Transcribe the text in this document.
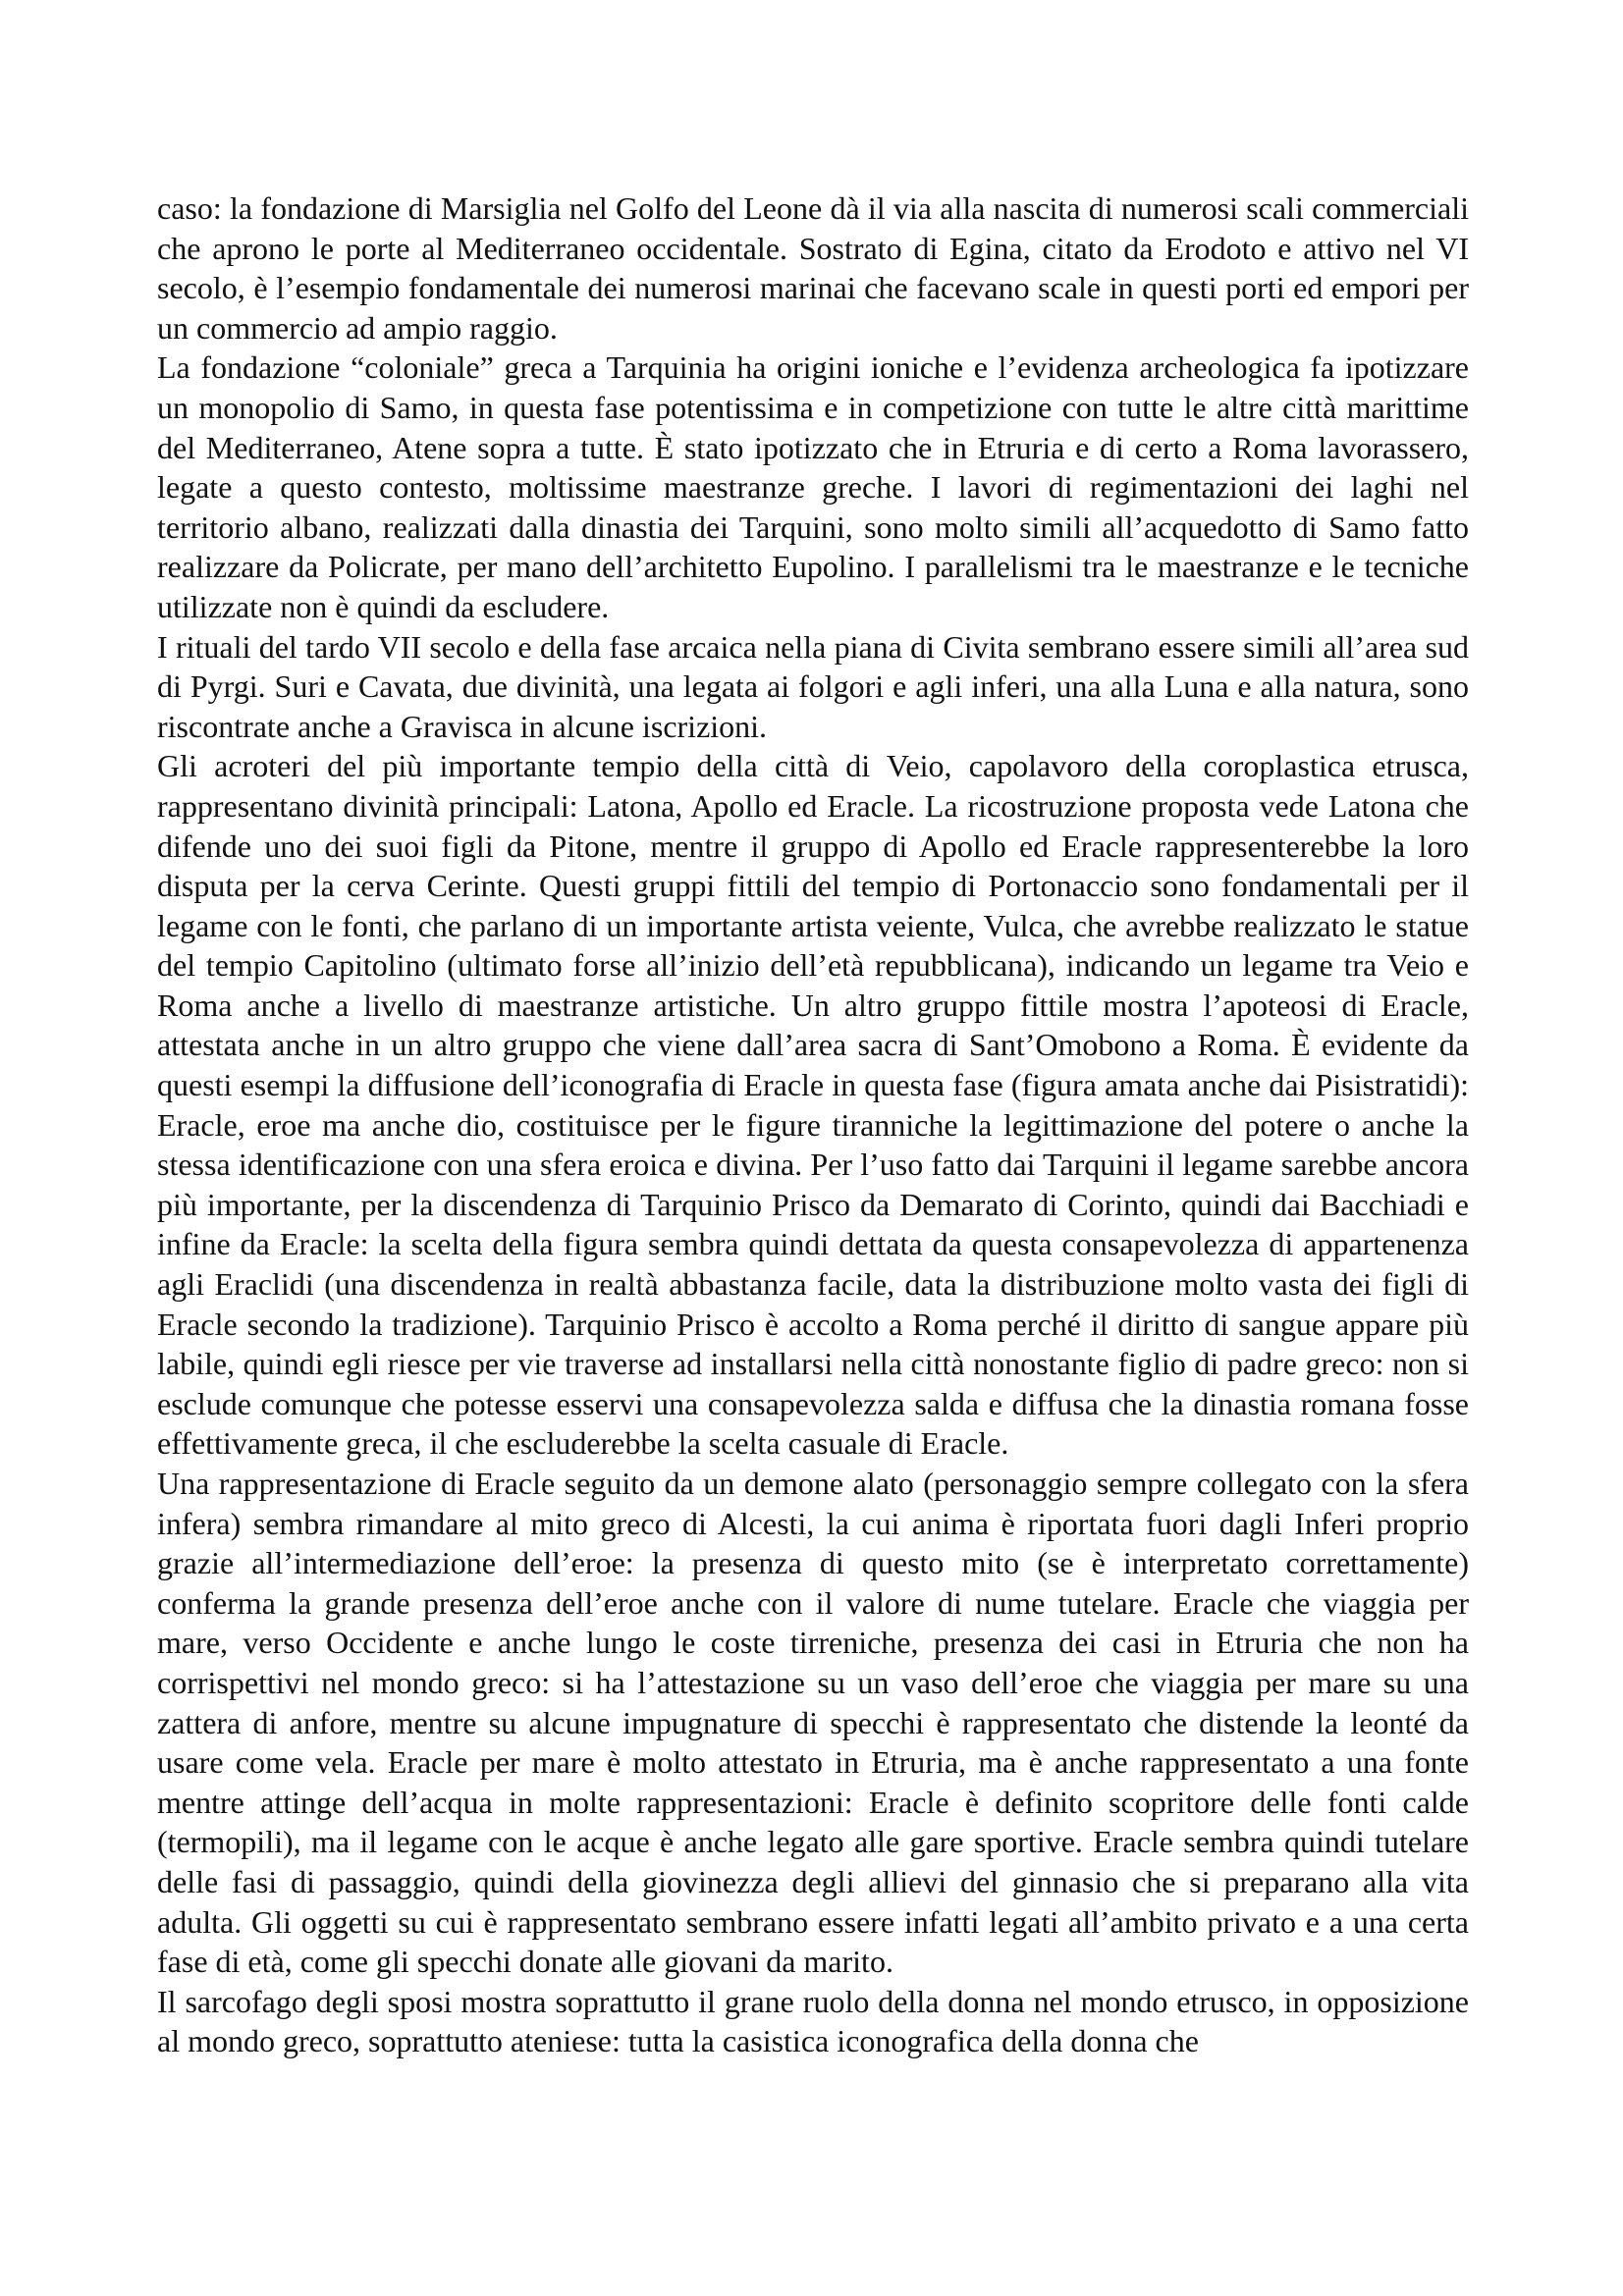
caso: la fondazione di Marsiglia nel Golfo del Leone dà il via alla nascita di numerosi scali commerciali che aprono le porte al Mediterraneo occidentale. Sostrato di Egina, citato da Erodoto e attivo nel VI secolo, è l’esempio fondamentale dei numerosi marinai che facevano scale in questi porti ed empori per un commercio ad ampio raggio.

La fondazione “coloniale” greca a Tarquinia ha origini ioniche e l’evidenza archeologica fa ipotizzare un monopolio di Samo, in questa fase potentissima e in competizione con tutte le altre città marittime del Mediterraneo, Atene sopra a tutte. È stato ipotizzato che in Etruria e di certo a Roma lavorassero, legate a questo contesto, moltissime maestranze greche. I lavori di regimentazioni dei laghi nel territorio albano, realizzati dalla dinastia dei Tarquini, sono molto simili all’acquedotto di Samo fatto realizzare da Policrate, per mano dell’architetto Eupolino. I parallelismi tra le maestranze e le tecniche utilizzate non è quindi da escludere.

I rituali del tardo VII secolo e della fase arcaica nella piana di Civita sembrano essere simili all’area sud di Pyrgi. Suri e Cavata, due divinità, una legata ai folgori e agli inferi, una alla Luna e alla natura, sono riscontrate anche a Gravisca in alcune iscrizioni.

Gli acroteri del più importante tempio della città di Veio, capolavoro della coroplastica etrusca, rappresentano divinità principali: Latona, Apollo ed Eracle. La ricostruzione proposta vede Latona che difende uno dei suoi figli da Pitone, mentre il gruppo di Apollo ed Eracle rappresenterebbe la loro disputa per la cerva Cerinte. Questi gruppi fittili del tempio di Portonaccio sono fondamentali per il legame con le fonti, che parlano di un importante artista veiente, Vulca, che avrebbe realizzato le statue del tempio Capitolino (ultimato forse all’inizio dell’età repubblicana), indicando un legame tra Veio e Roma anche a livello di maestranze artistiche. Un altro gruppo fittile mostra l’apoteosi di Eracle, attestata anche in un altro gruppo che viene dall’area sacra di Sant’Omobono a Roma. È evidente da questi esempi la diffusione dell’iconografia di Eracle in questa fase (figura amata anche dai Pisistratidi): Eracle, eroe ma anche dio, costituisce per le figure tiranniche la legittimazione del potere o anche la stessa identificazione con una sfera eroica e divina. Per l’uso fatto dai Tarquini il legame sarebbe ancora più importante, per la discendenza di Tarquinio Prisco da Demarato di Corinto, quindi dai Bacchiadi e infine da Eracle: la scelta della figura sembra quindi dettata da questa consapevolezza di appartenenza agli Eraclidi (una discendenza in realtà abbastanza facile, data la distribuzione molto vasta dei figli di Eracle secondo la tradizione). Tarquinio Prisco è accolto a Roma perché il diritto di sangue appare più labile, quindi egli riesce per vie traverse ad installarsi nella città nonostante figlio di padre greco: non si esclude comunque che potesse esservi una consapevolezza salda e diffusa che la dinastia romana fosse effettivamente greca, il che escluderebbe la scelta casuale di Eracle.

Una rappresentazione di Eracle seguito da un demone alato (personaggio sempre collegato con la sfera infera) sembra rimandare al mito greco di Alcesti, la cui anima è riportata fuori dagli Inferi proprio grazie all’intermediazione dell’eroe: la presenza di questo mito (se è interpretato correttamente) conferma la grande presenza dell’eroe anche con il valore di nume tutelare. Eracle che viaggia per mare, verso Occidente e anche lungo le coste tirreniche, presenza dei casi in Etruria che non ha corrispettivi nel mondo greco: si ha l’attestazione su un vaso dell’eroe che viaggia per mare su una zattera di anfore, mentre su alcune impugnature di specchi è rappresentato che distende la leonté da usare come vela. Eracle per mare è molto attestato in Etruria, ma è anche rappresentato a una fonte mentre attinge dell’acqua in molte rappresentazioni: Eracle è definito scopritore delle fonti calde (termopili), ma il legame con le acque è anche legato alle gare sportive. Eracle sembra quindi tutelare delle fasi di passaggio, quindi della giovinezza degli allievi del ginnasio che si preparano alla vita adulta. Gli oggetti su cui è rappresentato sembrano essere infatti legati all’ambito privato e a una certa fase di età, come gli specchi donate alle giovani da marito.

Il sarcofago degli sposi mostra soprattutto il grane ruolo della donna nel mondo etrusco, in opposizione al mondo greco, soprattutto ateniese: tutta la casistica iconografica della donna che
